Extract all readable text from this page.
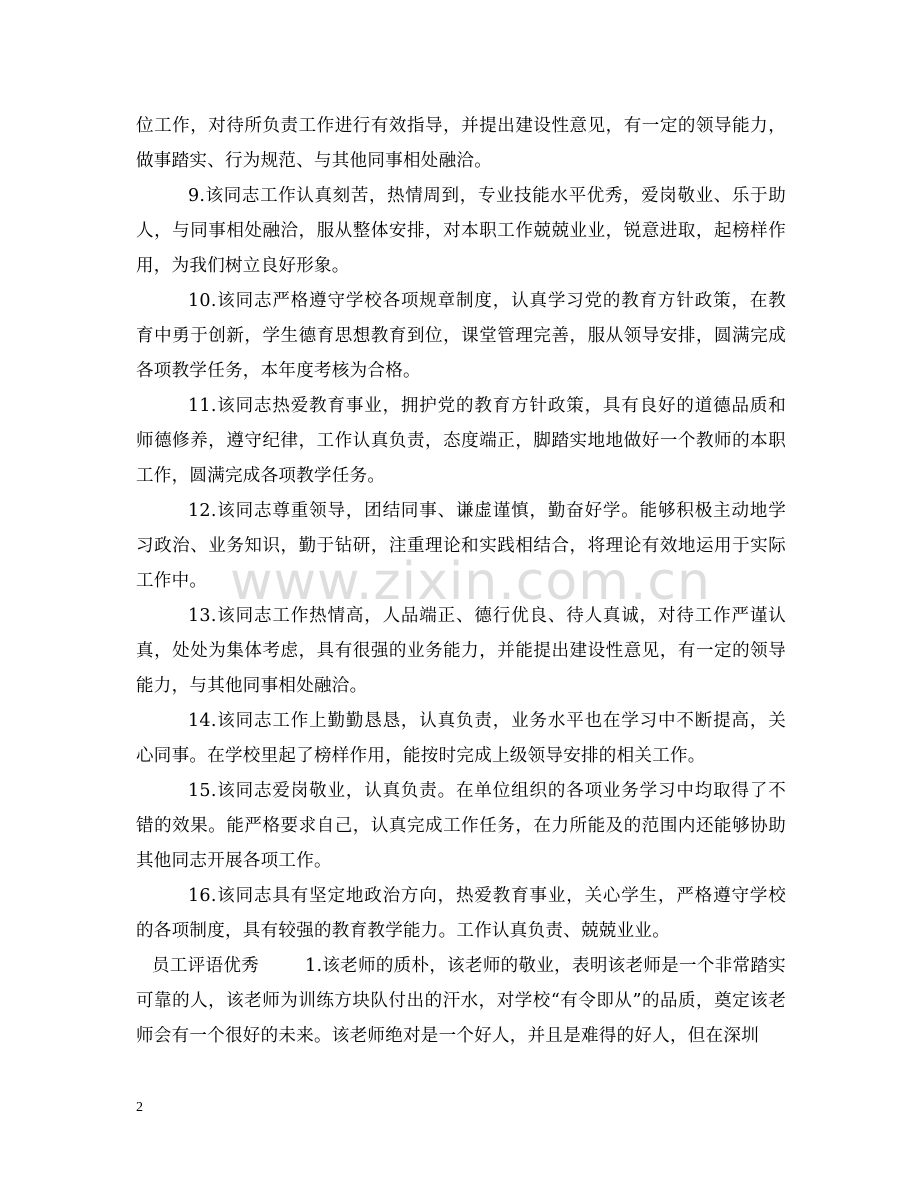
www.zixin.com.cn

位工作，对待所负责工作进行有效指导，并提出建设性意见，有一定的领导能力，做事踏实、行为规范、与其他同事相处融洽。

9.该同志工作认真刻苦，热情周到，专业技能水平优秀，爱岗敬业、乐于助人，与同事相处融洽，服从整体安排，对本职工作兢兢业业，锐意进取，起榜样作用，为我们树立良好形象。

10.该同志严格遵守学校各项规章制度，认真学习党的教育方针政策，在教育中勇于创新，学生德育思想教育到位，课堂管理完善，服从领导安排，圆满完成各项教学任务，本年度考核为合格。

11.该同志热爱教育事业，拥护党的教育方针政策，具有良好的道德品质和师德修养，遵守纪律，工作认真负责，态度端正，脚踏实地地做好一个教师的本职工作，圆满完成各项教学任务。

12.该同志尊重领导，团结同事、谦虚谨慎，勤奋好学。能够积极主动地学习政治、业务知识，勤于钻研，注重理论和实践相结合，将理论有效地运用于实际工作中。

13.该同志工作热情高，人品端正、德行优良、待人真诚，对待工作严谨认真，处处为集体考虑，具有很强的业务能力，并能提出建设性意见，有一定的领导能力，与其他同事相处融洽。

14.该同志工作上勤勤恳恳，认真负责，业务水平也在学习中不断提高，关心同事。在学校里起了榜样作用，能按时完成上级领导安排的相关工作。

15.该同志爱岗敬业，认真负责。在单位组织的各项业务学习中均取得了不错的效果。能严格要求自己，认真完成工作任务，在力所能及的范围内还能够协助其他同志开展各项工作。

16.该同志具有坚定地政治方向，热爱教育事业，关心学生，严格遵守学校的各项制度，具有较强的教育教学能力。工作认真负责、兢兢业业。

员工评语优秀	1.该老师的质朴，该老师的敬业，表明该老师是一个非常踏实可靠的人，该老师为训练方块队付出的汗水，对学校“有令即从”的品质，奠定该老师会有一个很好的未来。该老师绝对是一个好人，并且是难得的好人，但在深圳

2
